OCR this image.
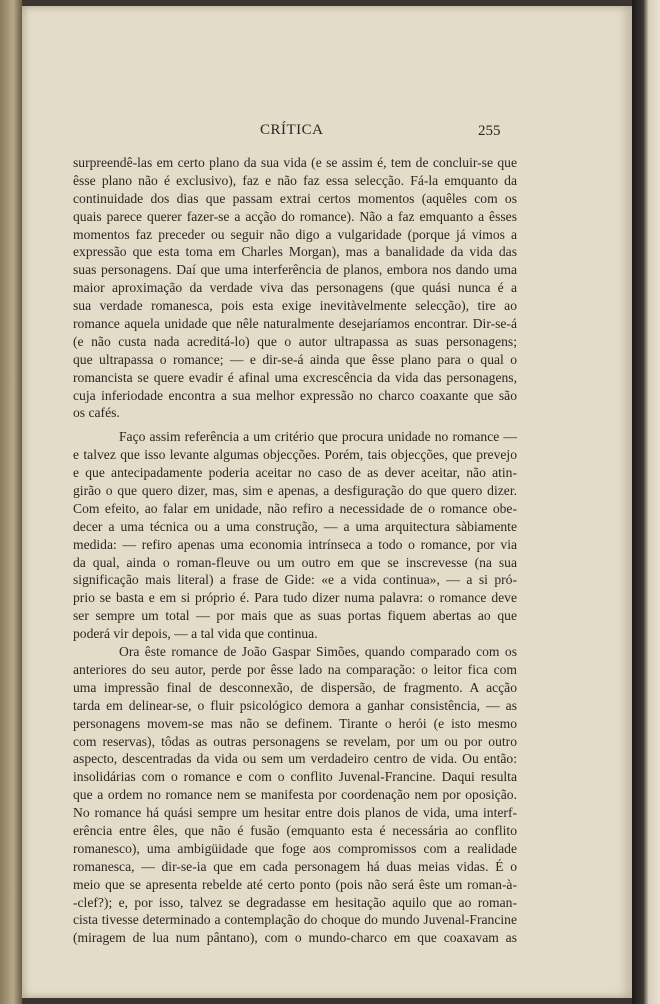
CRÍTICA	255
surpreendê-las em certo plano da sua vida (e se assim é, tem de concluir-se que
êsse plano não é exclusivo), faz e não faz essa selecção. Fá-la emquanto da
continuidade dos dias que passam extrai certos momentos (aquêles com os
quais parece querer fazer-se a acção do romance). Não a faz emquanto a êsses
momentos faz preceder ou seguir não digo a vulgaridade (porque já vimos a
expressão que esta toma em Charles Morgan), mas a banalidade da vida das
suas personagens. Daí que uma interferência de planos, embora nos dando uma
maior aproximação da verdade viva das personagens (que quási nunca é a
sua verdade romanesca, pois esta exige inevitàvelmente selecção), tire ao
romance aquela unidade que nêle naturalmente desejaríamos encontrar. Dir-se-á
(e não custa nada acreditá-lo) que o autor ultrapassa as suas personagens;
que ultrapassa o romance; — e dir-se-á ainda que êsse plano para o qual o
romancista se quere evadir é afinal uma excrescência da vida das personagens,
cuja inferiodade encontra a sua melhor expressão no charco coaxante que são
os cafés.
Faço assim referência a um critério que procura unidade no romance —
e talvez que isso levante algumas objecções. Porém, tais objecções, que prevejo
e que antecipadamente poderia aceitar no caso de as dever aceitar, não atin-
girão o que quero dizer, mas, sim e apenas, a desfiguração do que quero dizer.
Com efeito, ao falar em unidade, não refiro a necessidade de o romance obe-
decer a uma técnica ou a uma construção, — a uma arquitectura sàbiamente
medida: — refiro apenas uma economia intrínseca a todo o romance, por via
da qual, ainda o roman-fleuve ou um outro em que se inscrevesse (na sua
significação mais literal) a frase de Gide: «e a vida continua», — a si pró-
prio se basta e em si próprio é. Para tudo dizer numa palavra: o romance deve
ser sempre um total — por mais que as suas portas fiquem abertas ao que
poderá vir depois, — a tal vida que continua.
Ora êste romance de João Gaspar Simões, quando comparado com os
anteriores do seu autor, perde por êsse lado na comparação: o leitor fica com
uma impressão final de desconnexão, de dispersão, de fragmento. A acção
tarda em delinear-se, o fluir psicológico demora a ganhar consistência, — as
personagens movem-se mas não se definem. Tirante o herói (e isto mesmo
com reservas), tôdas as outras personagens se revelam, por um ou por outro
aspecto, descentradas da vida ou sem um verdadeiro centro de vida. Ou então:
insolidárias com o romance e com o conflito Juvenal-Francine. Daqui resulta
que a ordem no romance nem se manifesta por coordenação nem por oposição.
No romance há quási sempre um hesitar entre dois planos de vida, uma interf-
erência entre êles, que não é fusão (emquanto esta é necessária ao conflito
romanesco), uma ambigüidade que foge aos compromissos com a realidade
romanesca, — dir-se-ia que em cada personagem há duas meias vidas. É o
meio que se apresenta rebelde até certo ponto (pois não será êste um roman-à-
-clef?); e, por isso, talvez se degradasse em hesitação aquilo que ao roman-
cista tivesse determinado a contemplação do choque do mundo Juvenal-Francine
(miragem de lua num pântano), com o mundo-charco em que coaxavam as
